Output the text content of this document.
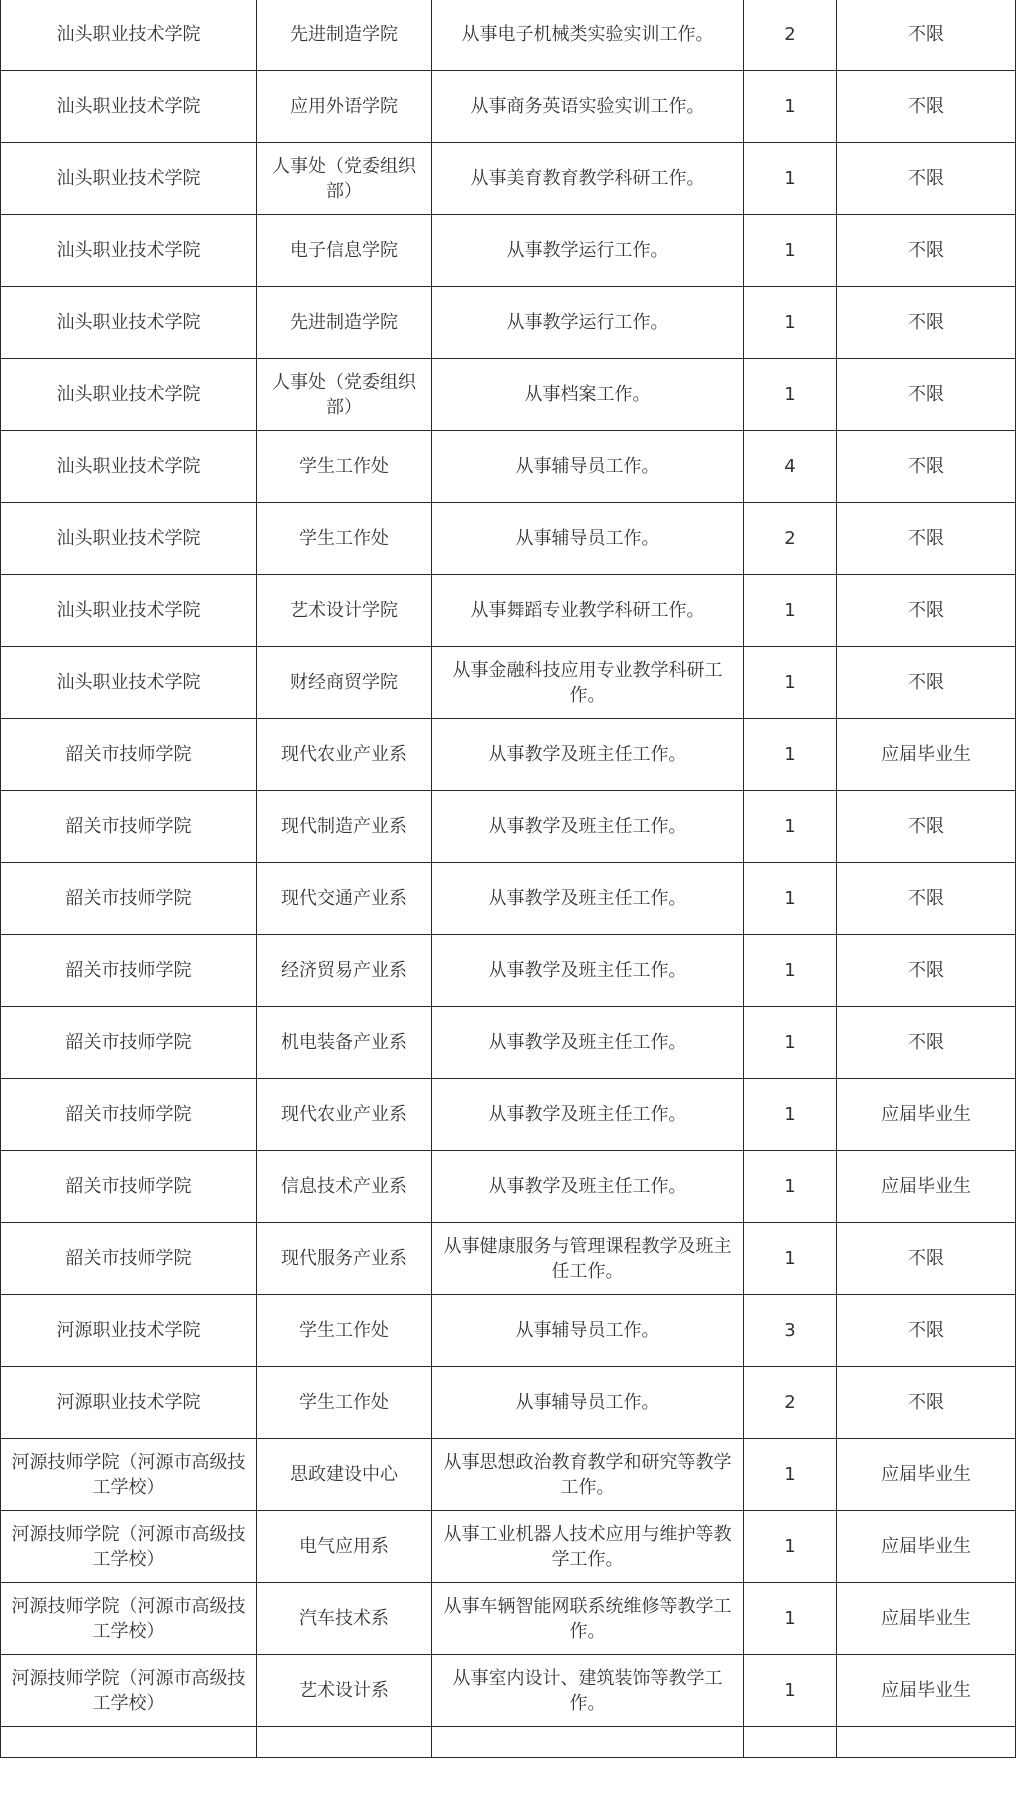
汕头职业技术学院	先进制造学院	从事电子机械类实验实训工作。	2	不限
汕头职业技术学院	应用外语学院	从事商务英语实验实训工作。	1	不限
汕头职业技术学院	人事处（党委组织部）	从事美育教育教学科研工作。	1	不限
汕头职业技术学院	电子信息学院	从事教学运行工作。	1	不限
汕头职业技术学院	先进制造学院	从事教学运行工作。	1	不限
汕头职业技术学院	人事处（党委组织部）	从事档案工作。	1	不限
汕头职业技术学院	学生工作处	从事辅导员工作。	4	不限
汕头职业技术学院	学生工作处	从事辅导员工作。	2	不限
汕头职业技术学院	艺术设计学院	从事舞蹈专业教学科研工作。	1	不限
汕头职业技术学院	财经商贸学院	从事金融科技应用专业教学科研工作。	1	不限
韶关市技师学院	现代农业产业系	从事教学及班主任工作。	1	应届毕业生
韶关市技师学院	现代制造产业系	从事教学及班主任工作。	1	不限
韶关市技师学院	现代交通产业系	从事教学及班主任工作。	1	不限
韶关市技师学院	经济贸易产业系	从事教学及班主任工作。	1	不限
韶关市技师学院	机电装备产业系	从事教学及班主任工作。	1	不限
韶关市技师学院	现代农业产业系	从事教学及班主任工作。	1	应届毕业生
韶关市技师学院	信息技术产业系	从事教学及班主任工作。	1	应届毕业生
韶关市技师学院	现代服务产业系	从事健康服务与管理课程教学及班主任工作。	1	不限
河源职业技术学院	学生工作处	从事辅导员工作。	3	不限
河源职业技术学院	学生工作处	从事辅导员工作。	2	不限
河源技师学院（河源市高级技工学校）	思政建设中心	从事思想政治教育教学和研究等教学工作。	1	应届毕业生
河源技师学院（河源市高级技工学校）	电气应用系	从事工业机器人技术应用与维护等教学工作。	1	应届毕业生
河源技师学院（河源市高级技工学校）	汽车技术系	从事车辆智能网联系统维修等教学工作。	1	应届毕业生
河源技师学院（河源市高级技工学校）	艺术设计系	从事室内设计、建筑装饰等教学工作。	1	应届毕业生
